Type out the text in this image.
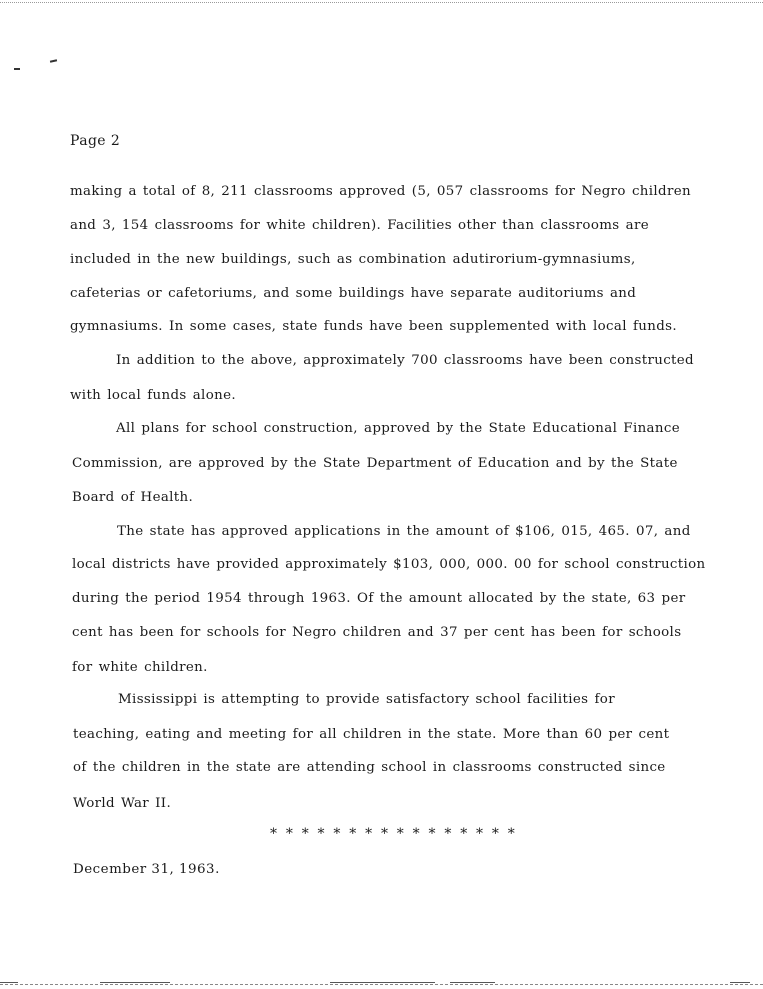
Page 2
making a total of 8, 211 classrooms approved (5, 057 classrooms for Negro children
and 3, 154 classrooms for white children). Facilities other than classrooms are
included in the new buildings, such as combination adutirorium-gymnasiums,
cafeterias or cafetoriums, and some buildings have separate auditoriums and
gymnasiums. In some cases, state funds have been supplemented with local funds.
In addition to the above, approximately 700 classrooms have been constructed
with local funds alone.
All plans for school construction, approved by the State Educational Finance
Commission, are approved by the State Department of Education and by the State
Board of Health.
The state has approved applications in the amount of $106, 015, 465. 07, and
local districts have provided approximately $103, 000, 000. 00 for school construction
during the period 1954 through 1963. Of the amount allocated by the state, 63 per
cent has been for schools for Negro children and 37 per cent has been for schools
for white children.
Mississippi is attempting to provide satisfactory school facilities for
teaching, eating and meeting for all children in the state. More than 60 per cent
of the children in the state are attending school in classrooms constructed since
World War II.
* * * * * * * * * * * * * * * *
December 31, 1963.
